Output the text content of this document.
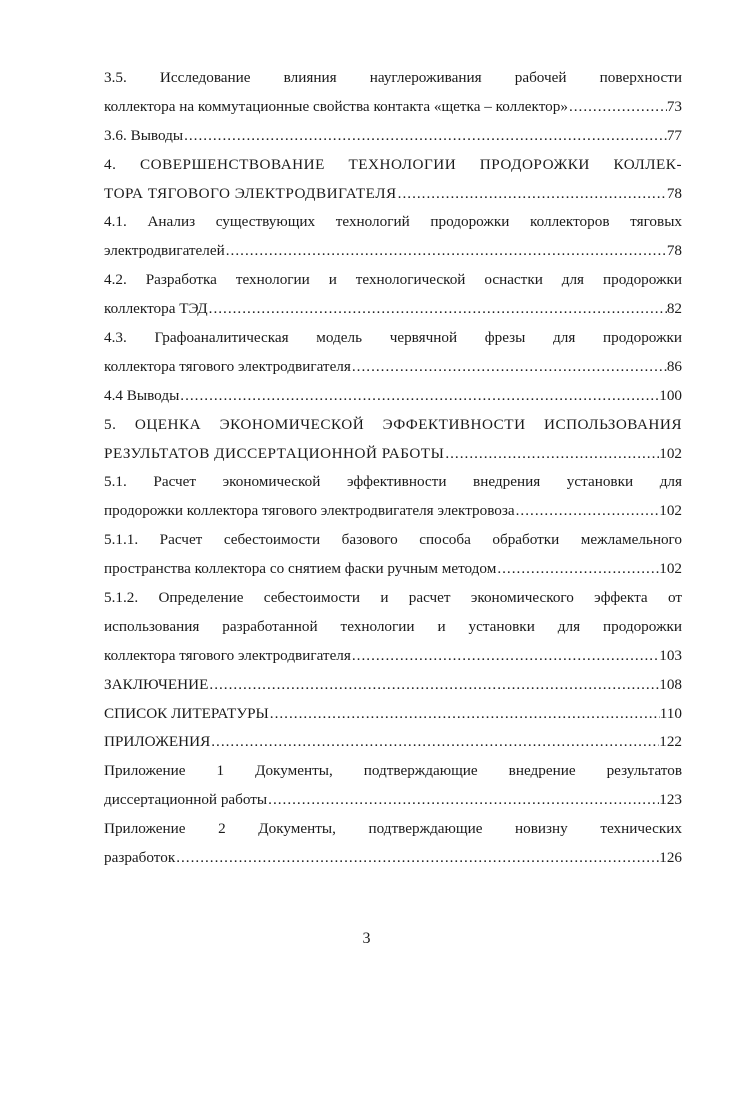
3.5. Исследование влияния науглероживания рабочей поверхности
коллектора на коммутационные свойства контакта «щетка – коллектор» .....	73
3.6. Выводы .....	77
4. СОВЕРШЕНСТВОВАНИЕ ТЕХНОЛОГИИ ПРОДОРОЖКИ КОЛЛЕК-
ТОРА ТЯГОВОГО ЭЛЕКТРОДВИГАТЕЛЯ .....	78
4.1. Анализ существующих технологий продорожки коллекторов тяговых
электродвигателей .....	78
4.2. Разработка технологии и технологической оснастки для продорожки
коллектора ТЭД .....	82
4.3. Графоаналитическая модель червячной фрезы для продорожки
коллектора тягового электродвигателя .....	86
4.4 Выводы .....	100
5. ОЦЕНКА ЭКОНОМИЧЕСКОЙ ЭФФЕКТИВНОСТИ ИСПОЛЬЗОВАНИЯ
РЕЗУЛЬТАТОВ ДИССЕРТАЦИОННОЙ РАБОТЫ .....	102
5.1. Расчет экономической эффективности внедрения установки для
продорожки коллектора тягового электродвигателя электровоза .....	102
5.1.1. Расчет себестоимости базового способа обработки межламельного
пространства коллектора со снятием фаски ручным методом .....	102
5.1.2. Определение себестоимости и расчет экономического эффекта от
использования разработанной технологии и установки для продорожки
коллектора тягового электродвигателя .....	103
ЗАКЛЮЧЕНИЕ .....	108
СПИСОК ЛИТЕРАТУРЫ .....	110
ПРИЛОЖЕНИЯ .....	122
Приложение 1 Документы, подтверждающие внедрение результатов
диссертационной работы .....	123
Приложение 2 Документы, подтверждающие новизну технических
разработок .....	126
3
